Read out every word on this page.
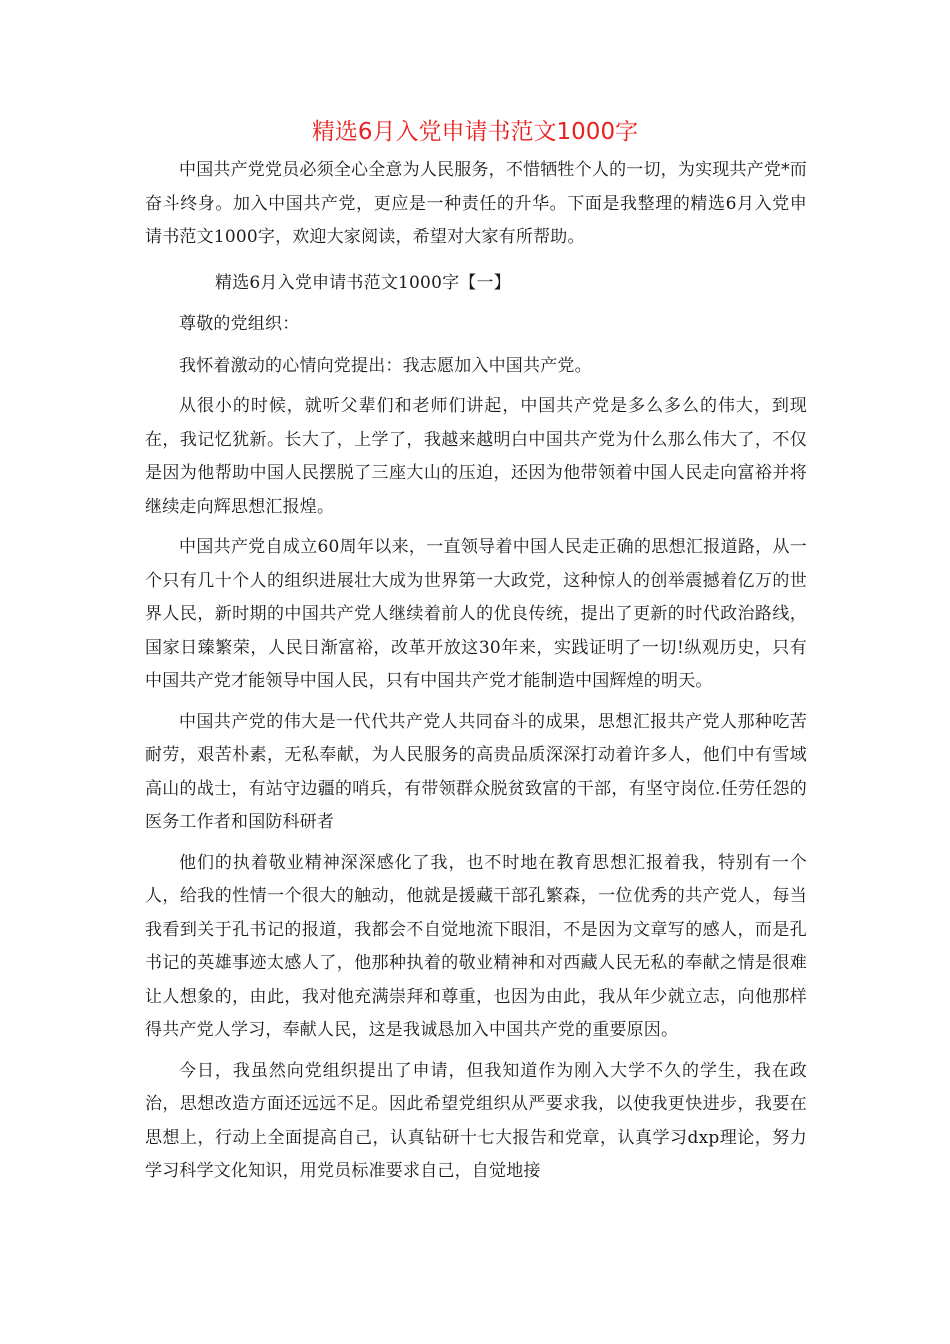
精选6月入党申请书范文1000字

中国共产党党员必须全心全意为人民服务，不惜牺牲个人的一切，为实现共产党*而奋斗终身。加入中国共产党，更应是一种责任的升华。下面是我整理的精选6月入党申请书范文1000字，欢迎大家阅读，希望对大家有所帮助。

精选6月入党申请书范文1000字【一】

尊敬的党组织：

我怀着激动的心情向党提出：我志愿加入中国共产党。

从很小的时候，就听父辈们和老师们讲起，中国共产党是多么多么的伟大，到现在，我记忆犹新。长大了，上学了，我越来越明白中国共产党为什么那么伟大了，不仅是因为他帮助中国人民摆脱了三座大山的压迫，还因为他带领着中国人民走向富裕并将继续走向辉思想汇报煌。

中国共产党自成立60周年以来，一直领导着中国人民走正确的思想汇报道路，从一个只有几十个人的组织进展壮大成为世界第一大政党，这种惊人的创举震撼着亿万的世界人民，新时期的中国共产党人继续着前人的优良传统，提出了更新的时代政治路线，国家日臻繁荣，人民日渐富裕，改革开放这30年来，实践证明了一切!纵观历史，只有中国共产党才能领导中国人民，只有中国共产党才能制造中国辉煌的明天。

中国共产党的伟大是一代代共产党人共同奋斗的成果，思想汇报共产党人那种吃苦耐劳，艰苦朴素，无私奉献，为人民服务的高贵品质深深打动着许多人，他们中有雪域高山的战士，有站守边疆的哨兵，有带领群众脱贫致富的干部，有坚守岗位.任劳任怨的医务工作者和国防科研者

他们的执着敬业精神深深感化了我，也不时地在教育思想汇报着我，特别有一个人，给我的性情一个很大的触动，他就是援藏干部孔繁森，一位优秀的共产党人，每当我看到关于孔书记的报道，我都会不自觉地流下眼泪，不是因为文章写的感人，而是孔书记的英雄事迹太感人了，他那种执着的敬业精神和对西藏人民无私的奉献之情是很难让人想象的，由此，我对他充满崇拜和尊重，也因为由此，我从年少就立志，向他那样得共产党人学习，奉献人民，这是我诚恳加入中国共产党的重要原因。

今日，我虽然向党组织提出了申请，但我知道作为刚入大学不久的学生，我在政治，思想改造方面还远远不足。因此希望党组织从严要求我，以使我更快进步，我要在思想上，行动上全面提高自己，认真钻研十七大报告和党章，认真学习dxp理论，努力学习科学文化知识，用党员标准要求自己，自觉地接
